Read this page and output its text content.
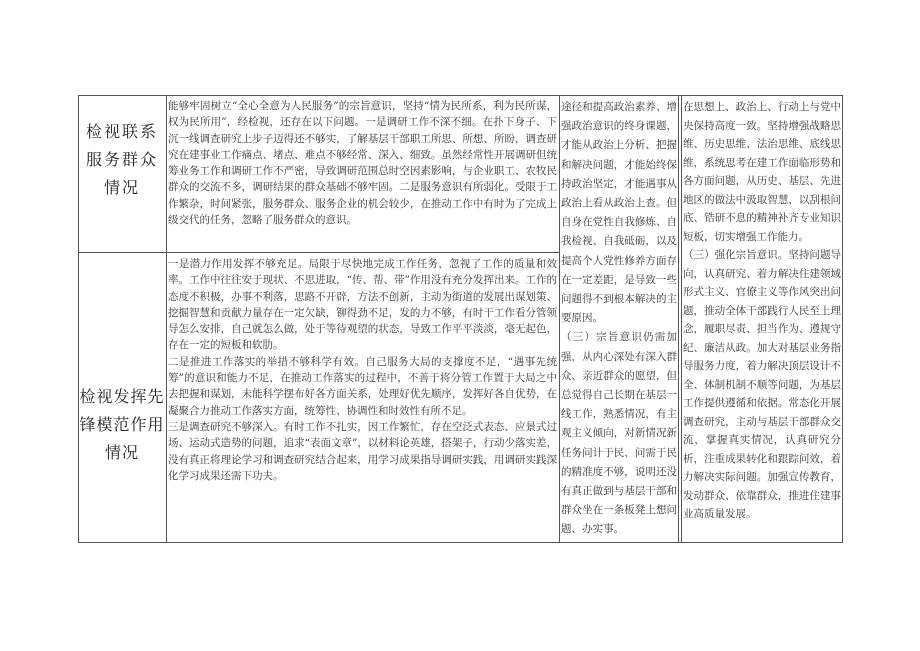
检视联系服务群众情况
检视发挥先锋模范作用情况

能够牢固树立“全心全意为人民服务”的宗旨意识，坚持“情为民所系，利为民所谋，权为民所用”，经检视，还存在以下问题。一是调研工作不深不细。在扑下身子、下沉一线调查研究上步子迈得还不够实，了解基层干部职工所思、所想、所盼，调查研究在建事业工作痛点、堵点、难点不够经常、深入、细致。虽然经常性开展调研但统筹业务工作和调研工作不严密，导致调研范围总时空因素影响，与企业职工、农牧民群众的交流不多，调研结果的群众基础不够牢固。二是服务意识有所弱化。受限于工作繁杂，时间紧张，服务群众、服务企业的机会较少，在推动工作中有时为了完成上级交代的任务，忽略了服务群众的意识。

一是潜力作用发挥不够充足。局限于尽快地完成工作任务，忽视了工作的质量和效率。工作中往往安于现状、不思进取，“传、帮、带”作用没有充分发挥出来。工作的态度不积极，办事不利落，思路不开辟，方法不创新，主动为街道的发展出谋划策、挖掘智慧和贡献力量存在一定欠缺，铆得劲不足，发的力不够，有时干工作看分管领导怎么安排，自己就怎么做，处于等待观望的状态，导致工作平平淡淡，毫无起色，存在一定的短板和软肋。

二是推进工作落实的举措不够科学有效。自己服务大局的支撑度不足，“遇事先统筹”的意识和能力不足，在推动工作落实的过程中，不善于将分管工作置于大局之中去把握和谋划，未能科学摆布好各方面关系，处理好优先顺序，发挥好各自优势，在凝聚合力推动工作落实方面，统筹性、协调性和时效性有所不足。

三是调查研究不够深入。有时工作不扎实，因工作繁忙，存在空泛式表态、应景式过场、运动式造势的问题，追求“表面文章”，以材料论英雄，搭架子，行动少落实差，没有真正将理论学习和调查研究结合起来，用学习成果指导调研实践，用调研实践深化学习成果还需下功夫。

途径和提高政治素养、增强政治意识的终身课题，才能从政治上分析、把握和解决问题，才能始终保持政治坚定，才能遇事从政治上看从政治上查。但自身在党性自我修炼、自我检视、自我砥砺，以及提高个人党性修养方面存在一定差距，是导致一些问题得不到根本解决的主要原因。

（三）宗旨意识仍需加强，从内心深处有深入群众、亲近群众的愿望，但总觉得自己长期在基层一线工作，熟悉情况，有主观主义倾向，对新情况新任务问计于民、问需于民的精准度不够，说明还没有真正做到与基层干部和群众坐在一条板凳上想问题、办实事。

在思想上、政治上、行动上与党中央保持高度一致。坚持增强战略思维、历史思维、法治思维、底线思维，系统思考在建工作面临形势和各方面问题，从历史、基层、先进地区的做法中汲取智慧，以刮根问底、锆研不息的精神补齐专业知识短板，切实增强工作能力。

（三）强化宗旨意识。坚持问题导向，认真研究、着力解决住建领域形式主义、官僚主义等作风突出问题，推动全体干部践行人民至上理念，履职尽责、担当作为、遵规守纪、廉洁从政。加大对基层业务指导服务力度，着力解决顶层设计不全、体制机制不顺等问题，为基层工作提供遵循和依据。常态化开展调查研究，主动与基层干部群众交流，掌握真实情况，认真研究分析，注重成果转化和跟踪问效，着力解决实际问题。加强宣传教育，发动群众、依靠群众，推进住建事业高质量发展。
